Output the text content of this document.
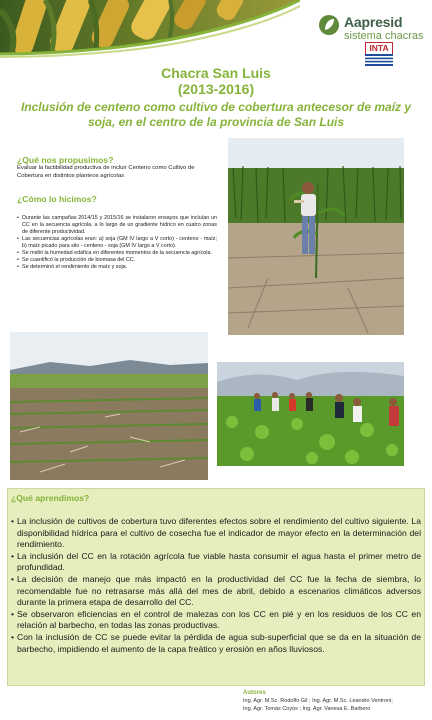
Aapresid
sistema chacras
INTA
Chacra San Luis
(2013-2016)
Inclusión de centeno como cultivo de cobertura antecesor de maíz y soja, en el centro de la provincia de San Luis
¿Qué nos propusimos?
Evaluar la factibilidad productiva de incluir Centeno como Cultivo de Cobertura en distintos planteos agrícolas
¿Cómo lo hicimos?
• Durante las campañas 2014/15 y 2015/16 se instalaron ensayos que incluían un CC en la secuencia agrícola, a lo largo de un gradiente hídrico en cuatro zonas de diferente productividad.
• Las secuencias agrícolas eran: a) soja (GM IV largo a V corto) - centeno - maíz; b) maíz picado para silo - centeno - soja (GM IV largo a V corto).
• Se midió la humedad edáfica en diferentes momentos de la secuencia agrícola.
• Se cuantificó la producción de biomasa del CC.
• Se determinó el rendimiento de maíz y soja.
¿Qué aprendimos?
• La inclusión de cultivos de cobertura tuvo diferentes efectos sobre el rendimiento del cultivo siguiente. La disponibilidad hídrica para el cultivo de cosecha fue el indicador de mayor efecto en la determinación del rendimiento.
• La inclusión del CC en la rotación agrícola fue viable hasta consumir el agua hasta el primer metro de profundidad.
• La decisión de manejo que más impactó en la productividad del CC fue la fecha de siembra, lo recomendable fue no retrasarse más allá del mes de abril, debido a escenarios climáticos adversos durante la primera etapa de desarrollo del CC.
• Se observaron eficiencias en el control de malezas con los CC en pié y en los residuos de los CC en relación al barbecho, en todas las zonas productivas.
• Con la inclusión de CC se puede evitar la pérdida de agua sub-superficial que se da en la situación de barbecho, impidiendo el aumento de la capa freático y erosión en años lluviosos.
Autores
Ing. Agr. M.Sc. Rodolfo Gil ; Ing. Agr. M.Sc. Leandro Ventroni;
Ing. Agr. Tomás Coyos ; Ing. Agr. Vanesa E. Barbero
